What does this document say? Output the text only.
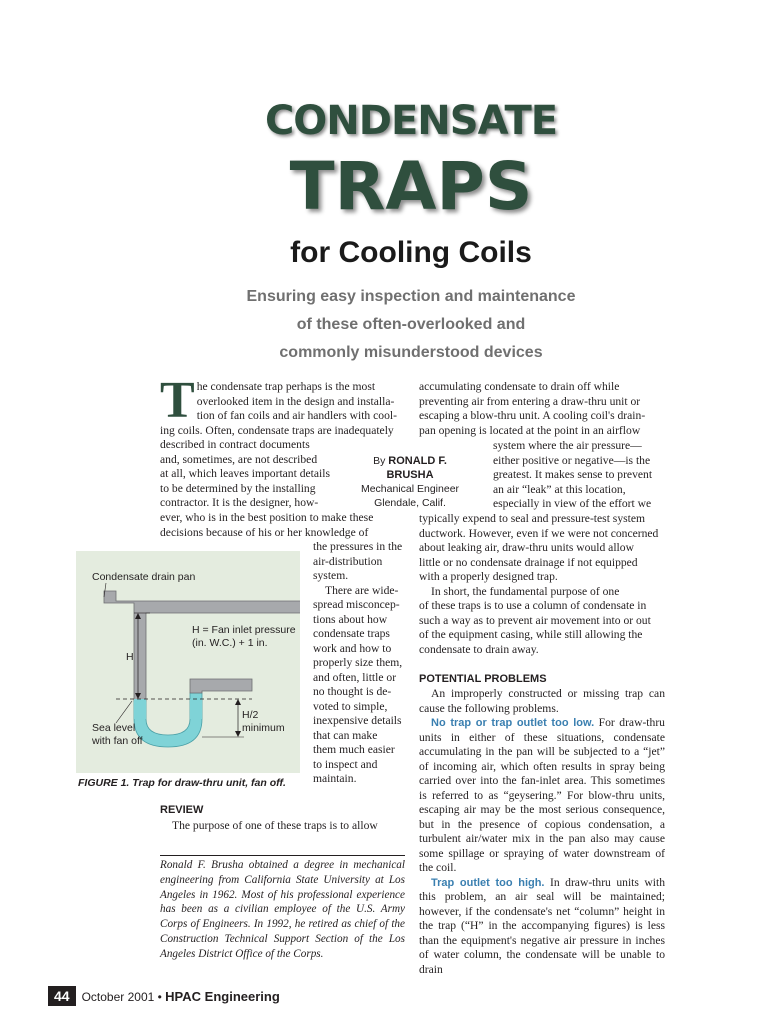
CONDENSATE
TRAPS
for Cooling Coils
Ensuring easy inspection and maintenance
of these often-overlooked and
commonly misunderstood devices
T he condensate trap perhaps is the most
overlooked item in the design and installa-
tion of fan coils and air handlers with cool-
ing coils. Often, condensate traps are inadequately
described in contract documents
and, sometimes, are not described
at all, which leaves important details
to be determined by the installing
contractor. It is the designer, how-
ever, who is in the best position to make these
decisions because of his or her knowledge of
By RONALD F. BRUSHA
Mechanical Engineer
Glendale, Calif.
Condensate drain pan
H = Fan inlet pressure
(in. W.C.) + 1 in.
H
H/2
minimum
Sea level
with fan off
FIGURE 1. Trap for draw-thru unit, fan off.
the pressures in the
air-distribution
system.
There are wide-
spread misconcep-
tions about how
condensate traps
work and how to
properly size them,
and often, little or
no thought is de-
voted to simple,
inexpensive details
that can make
them much easier
to inspect and
maintain.
REVIEW
The purpose of one of these traps is to allow
Ronald F. Brusha obtained a degree in mechanical engineering from California State University at Los Angeles in 1962. Most of his professional experience has been as a civilian employee of the U.S. Army Corps of Engineers. In 1992, he retired as chief of the Construction Technical Support Section of the Los Angeles District Office of the Corps.
accumulating condensate to drain off while
preventing air from entering a draw-thru unit or
escaping a blow-thru unit. A cooling coil's drain-
pan opening is located at the point in an airflow
system where the air pressure—
either positive or negative—is the
greatest. It makes sense to prevent
an air “leak” at this location,
especially in view of the effort we
typically expend to seal and pressure-test system
ductwork. However, even if we were not concerned
about leaking air, draw-thru units would allow
little or no condensate drainage if not equipped
with a properly designed trap.
In short, the fundamental purpose of one
of these traps is to use a column of condensate in
such a way as to prevent air movement into or out
of the equipment casing, while still allowing the
condensate to drain away.
POTENTIAL PROBLEMS

An improperly constructed or missing trap can cause the following problems.

No trap or trap outlet too low. For draw-thru units in either of these situations, condensate accumulating in the pan will be subjected to a “jet” of incoming air, which often results in spray being carried over into the fan-inlet area. This sometimes is referred to as “geysering.” For blow-thru units, escaping air may be the most serious consequence, but in the presence of copious condensation, a turbulent air/water mix in the pan also may cause some spillage or spraying of water downstream of the coil.

Trap outlet too high. In draw-thru units with this problem, an air seal will be maintained; however, if the condensate's net “column” height in the trap (“H” in the accompanying figures) is less than the equipment's negative air pressure in inches of water column, the condensate will be unable to drain

44	October 2001 • HPAC Engineering
